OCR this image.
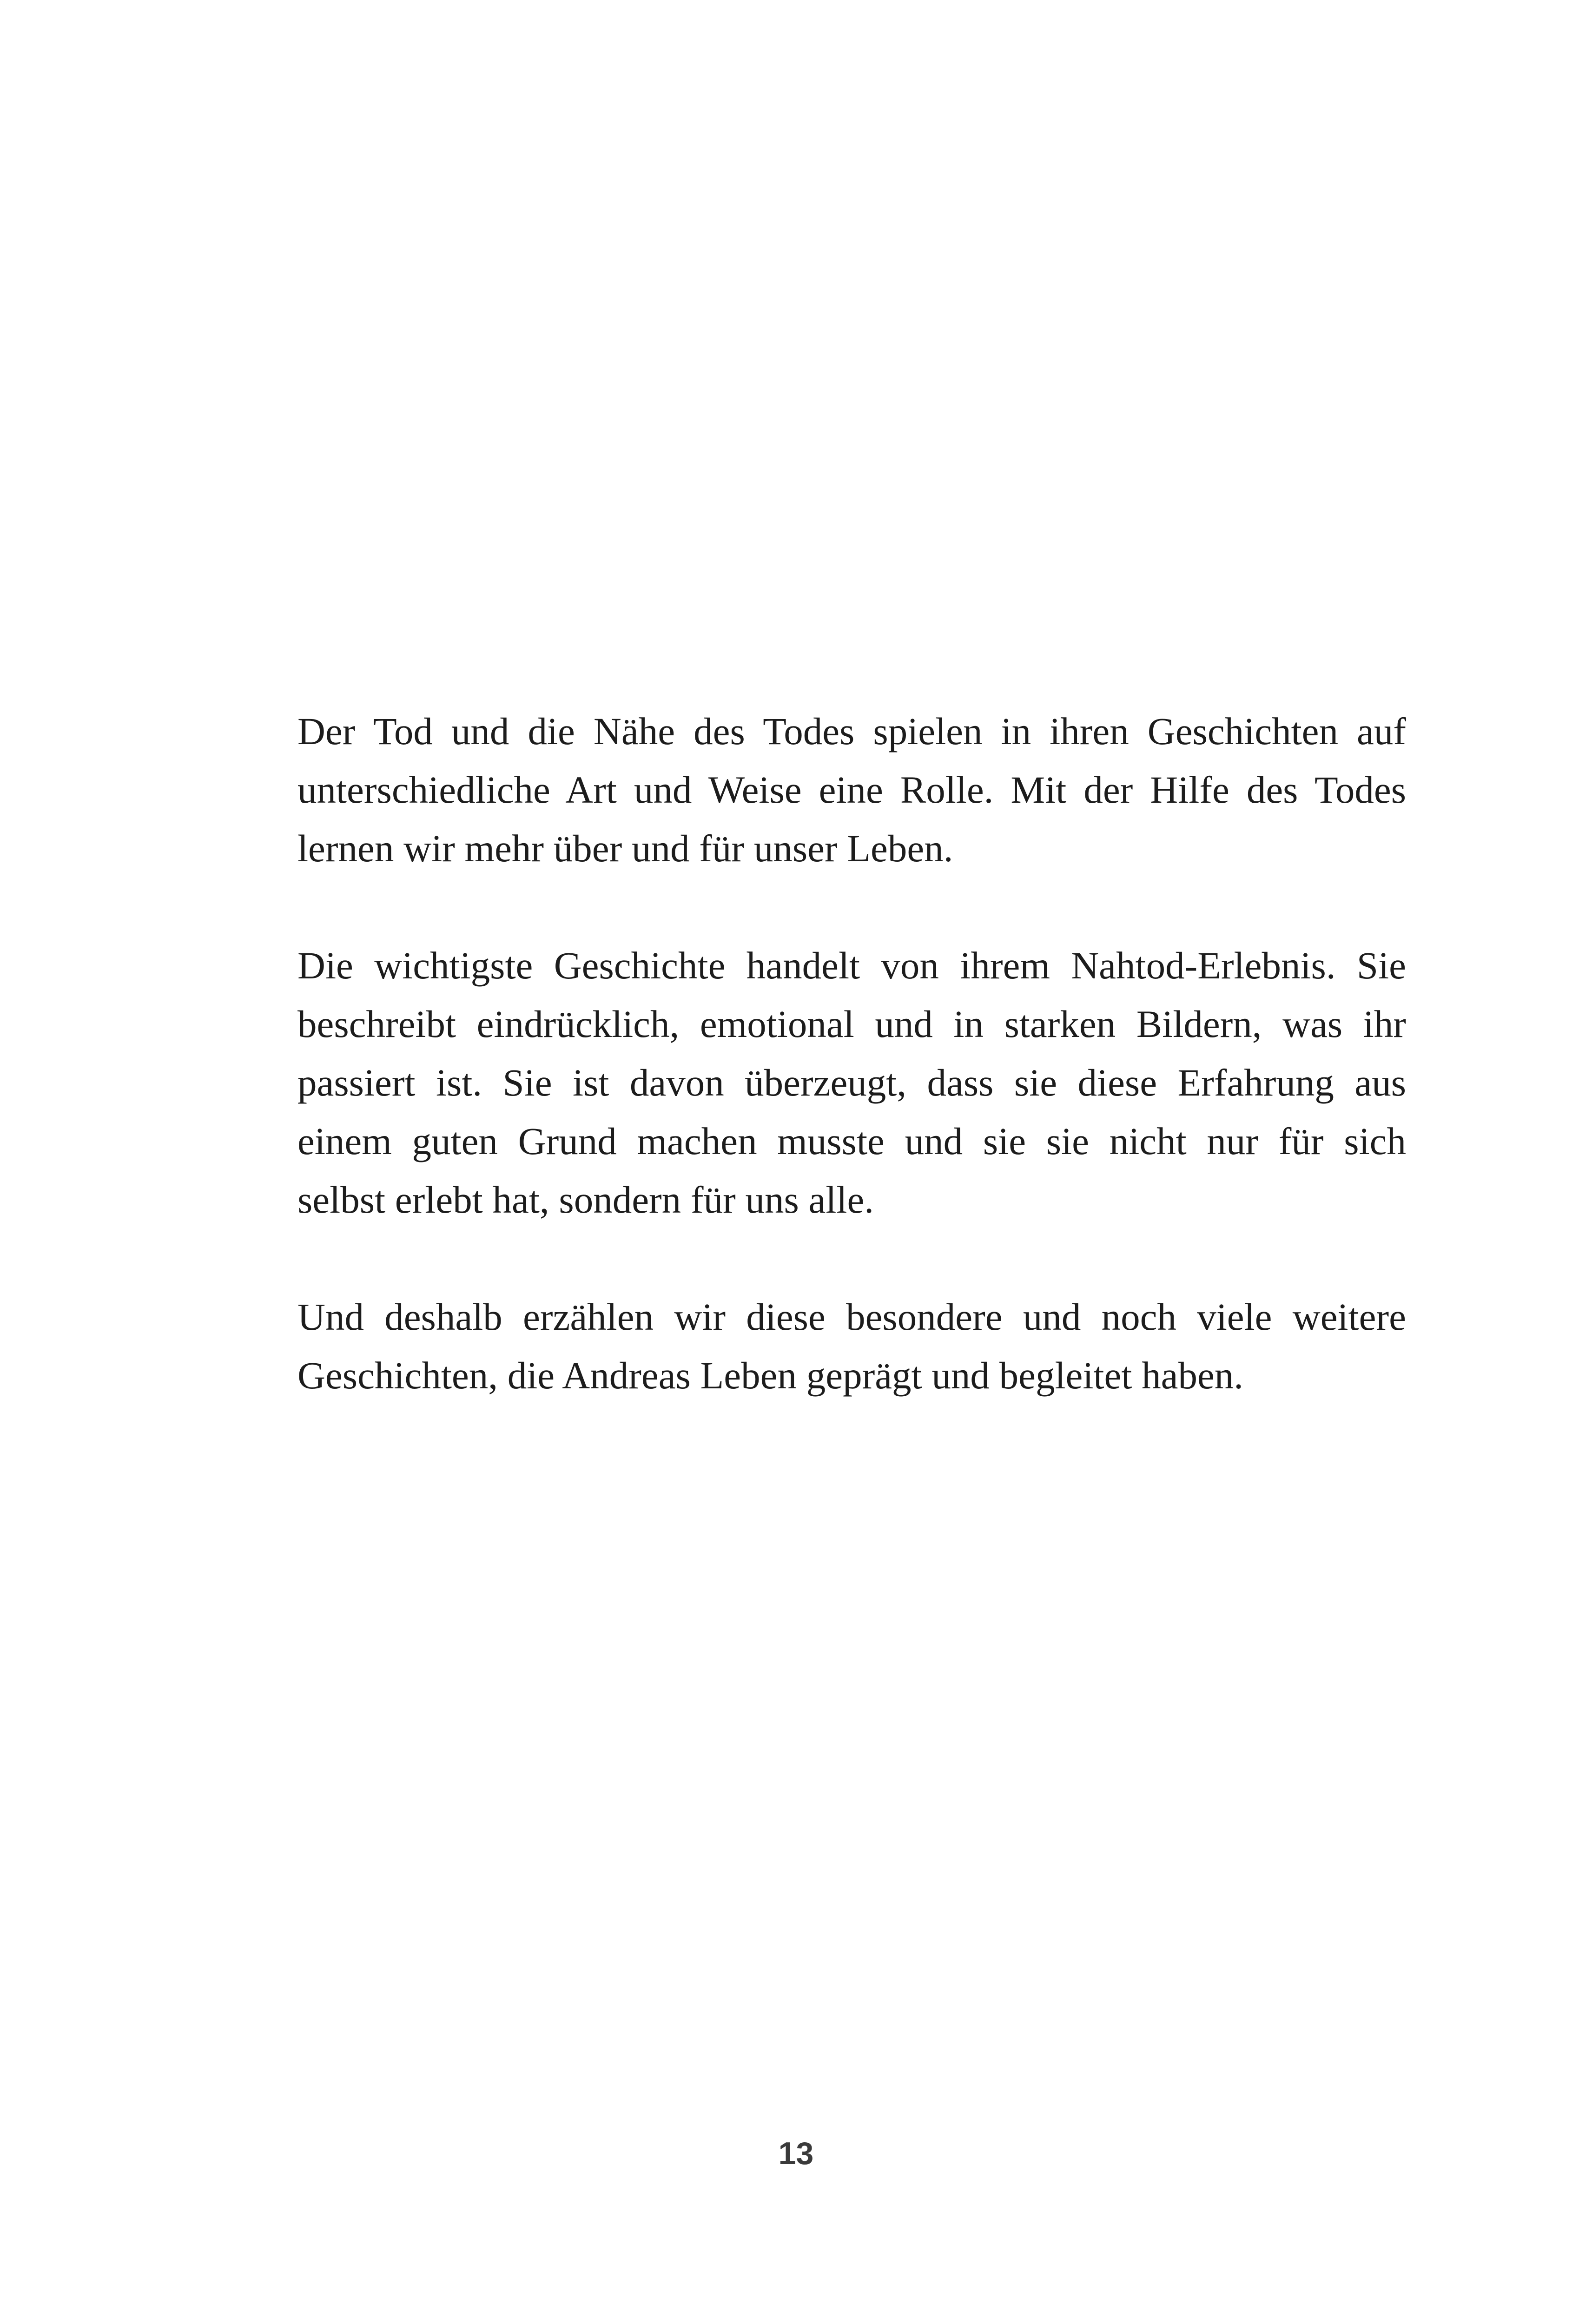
Der Tod und die Nähe des Todes spielen in ihren Geschichten auf
unterschiedliche Art und Weise eine Rolle. Mit der Hilfe des Todes
lernen wir mehr über und für unser Leben.

Die wichtigste Geschichte handelt von ihrem Nahtod-Erlebnis. Sie
beschreibt eindrücklich, emotional und in starken Bildern, was ihr
passiert ist. Sie ist davon überzeugt, dass sie diese Erfahrung aus
einem guten Grund machen musste und sie sie nicht nur für sich
selbst erlebt hat, sondern für uns alle.

Und deshalb erzählen wir diese besondere und noch viele weitere
Geschichten, die Andreas Leben geprägt und begleitet haben.

13
